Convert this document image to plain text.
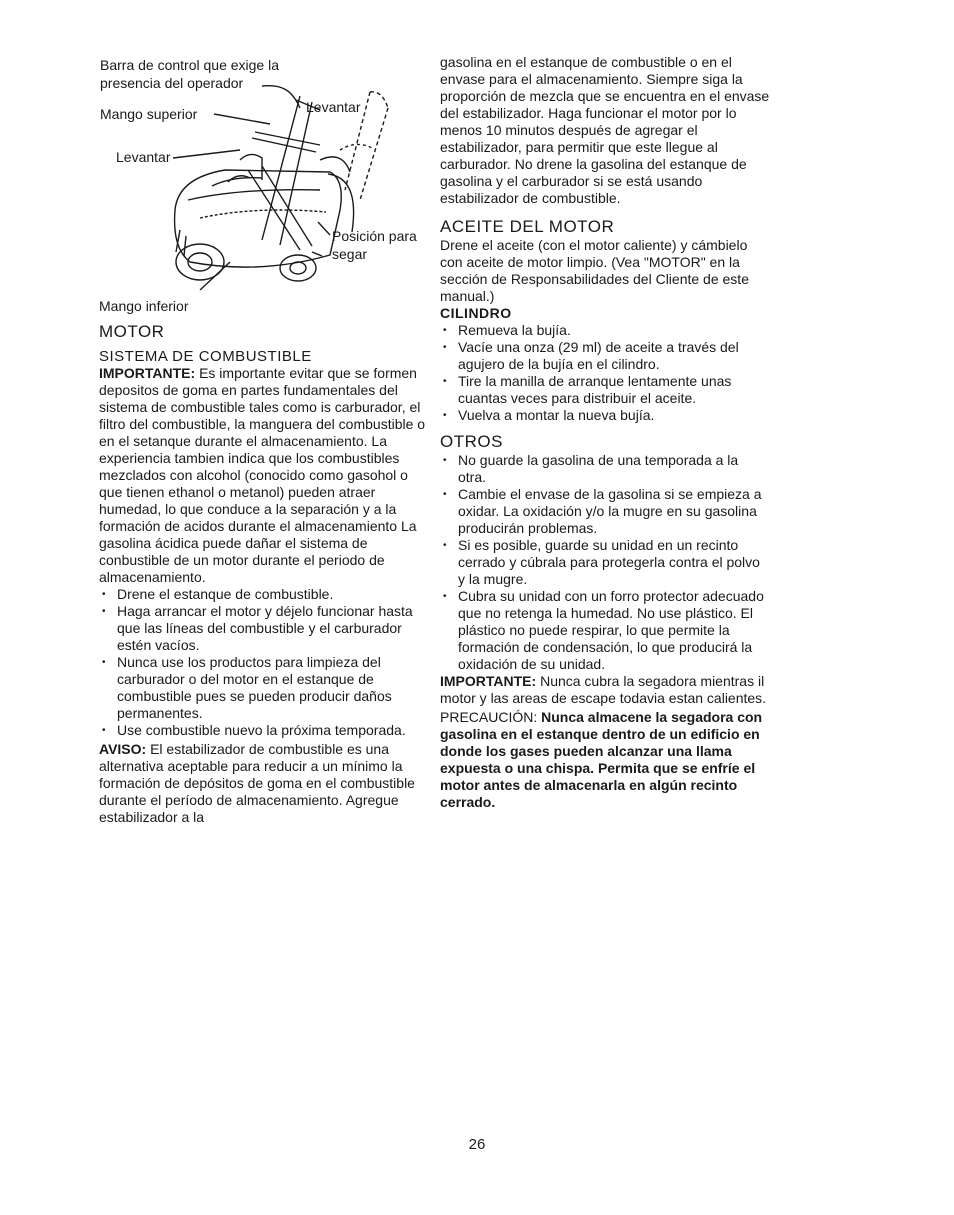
Barra de control que exige la
presencia del operador
Mango superior
Levantar
Levantar
Posición para
segar
Mango inferior
MOTOR
SISTEMA DE COMBUSTIBLE

IMPORTANTE: Es importante evitar que se formen depositos de goma en partes fundamentales del sistema de combustible tales como is carburador, el filtro del combustible, la manguera del combustible o en el setanque durante el almacenamiento. La experiencia tambien indica que los combustibles mezclados con alcohol (conocido como gasohol o que tienen ethanol o metanol) pueden atraer humedad, lo que conduce a la separación y a la formación de acidos durante el almacenamiento La gasolina ácidica puede dañar el sistema de conbustible de un motor durante el periodo de almacenamiento.

• Drene el estanque de combustible.
• Haga arrancar el motor y déjelo funcionar hasta que las líneas del combustible y el carburador estén vacíos.
• Nunca use los productos para limpieza del carburador o del motor en el estanque de combustible pues se pueden producir daños permanentes.
• Use combustible nuevo la próxima temporada.

AVISO: El estabilizador de combustible es una alternativa aceptable para reducir a un mínimo la formación de depósitos de goma en el combustible durante el período de almacenamiento. Agregue estabilizador a la

gasolina en el estanque de combustible o en el envase para el almacenamiento. Siempre siga la proporción de mezcla que se encuentra en el envase del estabilizador. Haga funcionar el motor por lo menos 10 minutos después de agregar el estabilizador, para permitir que este llegue al carburador. No drene la gasolina del estanque de gasolina y el carburador si se está usando estabilizador de combustible.

ACEITE DEL MOTOR

Drene el aceite (con el motor caliente) y cámbielo con aceite de motor limpio. (Vea "MOTOR" en la sección de Responsabilidades del Cliente de este manual.)

CILINDRO
• Remueva la bujía.
• Vacíe una onza (29 ml) de aceite a través del agujero de la bujía en el cilindro.
• Tire la manilla de arranque lentamente unas cuantas veces para distribuir el aceite.
• Vuelva a montar la nueva bujía.
OTROS
• No guarde la gasolina de una temporada a la otra.
• Cambie el envase de la gasolina si se empieza a oxidar. La oxidación y/o la mugre en su gasolina producirán problemas.
• Si es posible, guarde su unidad en un recinto cerrado y cúbrala para protegerla contra el polvo y la mugre.
• Cubra su unidad con un forro protector adecuado que no retenga la humedad. No use plástico. El plástico no puede respirar, lo que permite la formación de condensación, lo que producirá la oxidación de su unidad.

IMPORTANTE: Nunca cubra la segadora mientras il motor y las areas de escape todavia estan calientes.

PRECAUCIÓN: Nunca almacene la segadora con gasolina en el estanque dentro de un edificio en donde los gases pueden alcanzar una llama expuesta o una chispa. Permita que se enfríe el motor antes de almacenarla en algún recinto cerrado.

26
